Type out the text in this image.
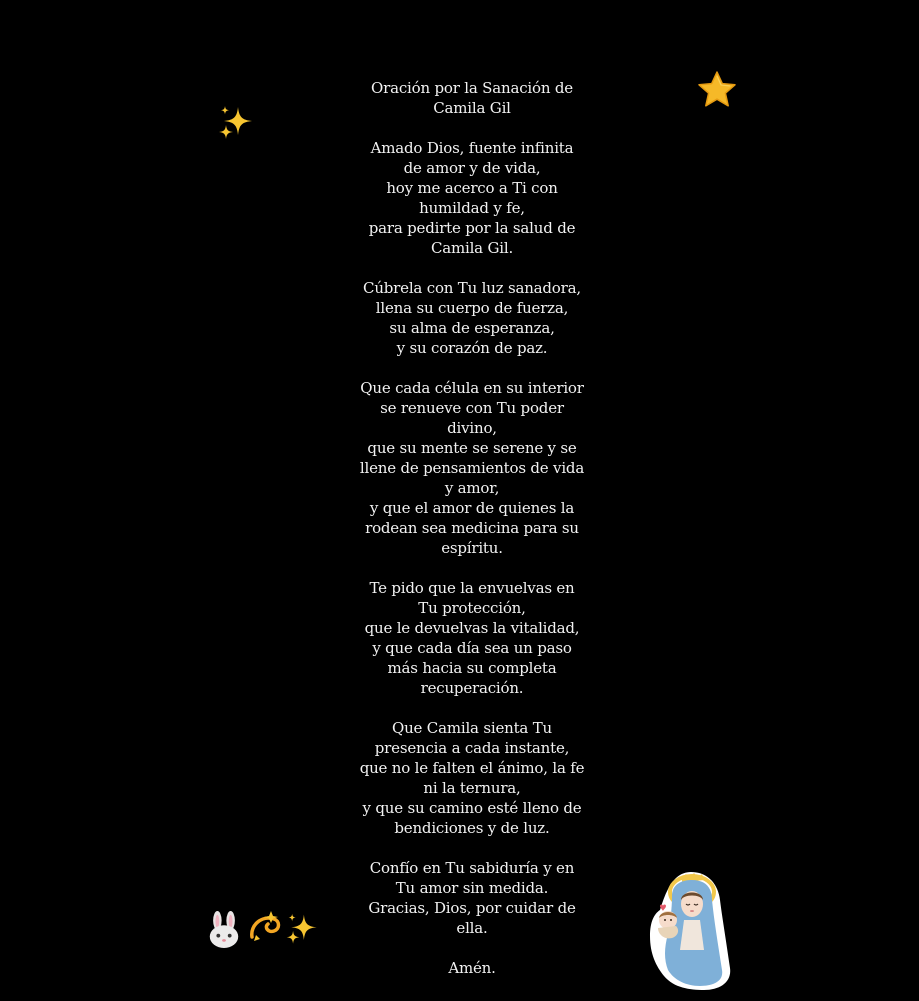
Oración por la Sanación de
Camila Gil
Amado Dios, fuente infinita
de amor y de vida,
hoy me acerco a Ti con
humildad y fe,
para pedirte por la salud de
Camila Gil.
Cúbrela con Tu luz sanadora,
llena su cuerpo de fuerza,
su alma de esperanza,
y su corazón de paz.
Que cada célula en su interior
se renueve con Tu poder
divino,
que su mente se serene y se
llene de pensamientos de vida
y amor,
y que el amor de quienes la
rodean sea medicina para su
espíritu.
Te pido que la envuelvas en
Tu protección,
que le devuelvas la vitalidad,
y que cada día sea un paso
más hacia su completa
recuperación.
Que Camila sienta Tu
presencia a cada instante,
que no le falten el ánimo, la fe
ni la ternura,
y que su camino esté lleno de
bendiciones y de luz.
Confío en Tu sabiduría y en
Tu amor sin medida.
Gracias, Dios, por cuidar de
ella.
Amén.
